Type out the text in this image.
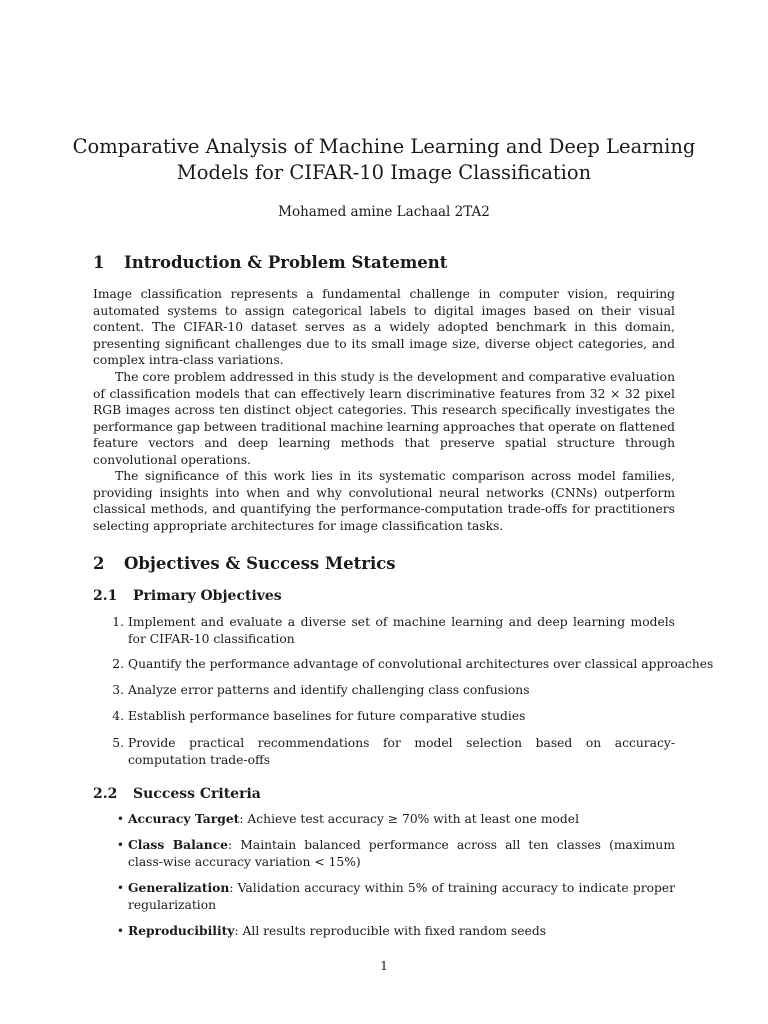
Comparative Analysis of Machine Learning and Deep Learning
Models for CIFAR-10 Image Classification

Mohamed amine Lachaal 2TA2

1 Introduction & Problem Statement

Image classification represents a fundamental challenge in computer vision, requiring automated systems to assign categorical labels to digital images based on their visual content. The CIFAR-10 dataset serves as a widely adopted benchmark in this domain, presenting significant challenges due to its small image size, diverse object categories, and complex intra-class variations.

The core problem addressed in this study is the development and comparative evaluation of classification models that can effectively learn discriminative features from 32 × 32 pixel RGB images across ten distinct object categories. This research specifically investigates the performance gap between traditional machine learning approaches that operate on flattened feature vectors and deep learning methods that preserve spatial structure through convolutional operations.

The significance of this work lies in its systematic comparison across model families, providing insights into when and why convolutional neural networks (CNNs) outperform classical methods, and quantifying the performance-computation trade-offs for practitioners selecting appropriate architectures for image classification tasks.

2 Objectives & Success Metrics
2.1 Primary Objectives
1. Implement and evaluate a diverse set of machine learning and deep learning models for CIFAR-10 classification
2. Quantify the performance advantage of convolutional architectures over classical approaches
3. Analyze error patterns and identify challenging class confusions
4. Establish performance baselines for future comparative studies
5. Provide practical recommendations for model selection based on accuracy-computation trade-offs
2.2 Success Criteria
• Accuracy Target: Achieve test accuracy ≥ 70% with at least one model
• Class Balance: Maintain balanced performance across all ten classes (maximum class-wise accuracy variation < 15%)
• Generalization: Validation accuracy within 5% of training accuracy to indicate proper regularization
• Reproducibility: All results reproducible with fixed random seeds

1
